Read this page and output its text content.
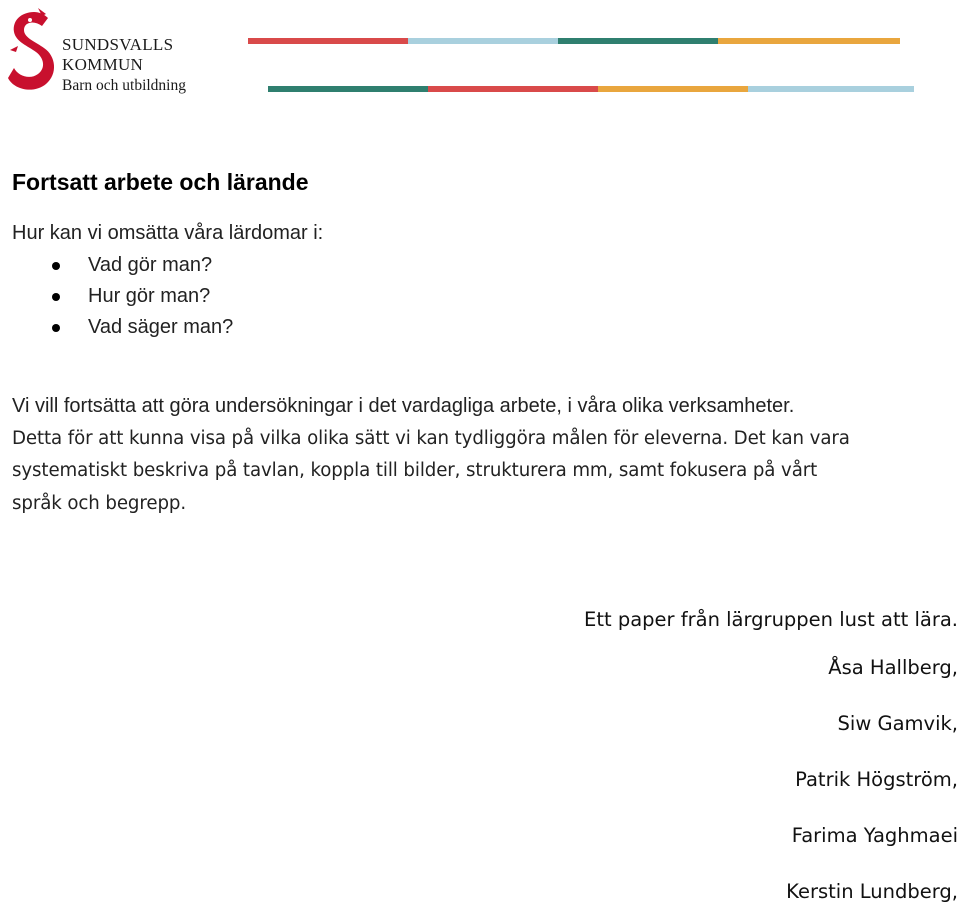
SUNDSVALLS
KOMMUN
Barn och utbildning
Fortsatt arbete och lärande

Hur kan vi omsätta våra lärdomar i:

Vad gör man?
Hur gör man?
Vad säger man?
Vi vill fortsätta att göra undersökningar i det vardagliga arbete, i våra olika verksamheter.
Detta för att kunna visa på vilka olika sätt vi kan tydliggöra målen för eleverna. Det kan vara
systematiskt beskriva på tavlan, koppla till bilder, strukturera mm, samt fokusera på vårt
språk och begrepp.
Ett paper från lärgruppen lust att lära.
Åsa Hallberg,
Siw Gamvik,
Patrik Högström,
Farima Yaghmaei
Kerstin Lundberg,
